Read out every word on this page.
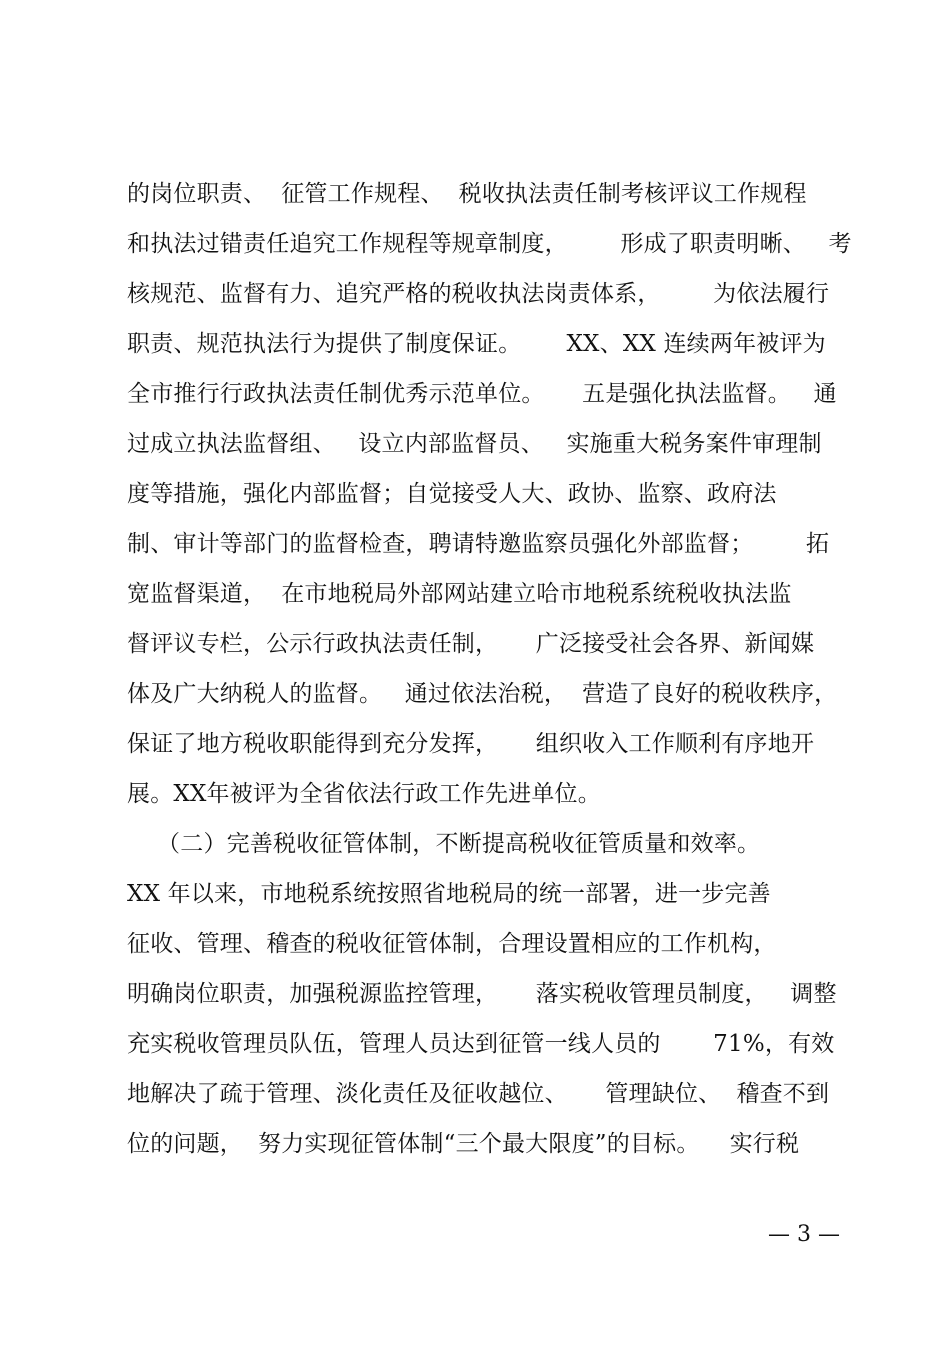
的岗位职责、  征管工作规程、  税收执法责任制考核评议工作规程
和执法过错责任追究工作规程等规章制度，       形成了职责明晰、   考
核规范、监督有力、追究严格的税收执法岗责体系，       为依法履行
职责、规范执法行为提供了制度保证。      XX、XX 连续两年被评为
全市推行行政执法责任制优秀示范单位。     五是强化执法监督。   通
过成立执法监督组、   设立内部监督员、   实施重大税务案件审理制
度等措施，强化内部监督；自觉接受人大、政协、监察、政府法
制、审计等部门的监督检查，聘请特邀监察员强化外部监督；       拓
宽监督渠道，  在市地税局外部网站建立哈市地税系统税收执法监
督评议专栏，公示行政执法责任制，     广泛接受社会各界、新闻媒
体及广大纳税人的监督。   通过依法治税，  营造了良好的税收秩序，
保证了地方税收职能得到充分发挥，     组织收入工作顺利有序地开
展。XX年被评为全省依法行政工作先进单位。
（二）完善税收征管体制，不断提高税收征管质量和效率。
XX 年以来，市地税系统按照省地税局的统一部署，进一步完善
征收、管理、稽查的税收征管体制，合理设置相应的工作机构，
明确岗位职责，加强税源监控管理，     落实税收管理员制度，   调整
充实税收管理员队伍，管理人员达到征管一线人员的       71%，有效
地解决了疏于管理、淡化责任及征收越位、     管理缺位、  稽查不到
位的问题，  努力实现征管体制“三个最大限度”的目标。    实行税
— 3 —
